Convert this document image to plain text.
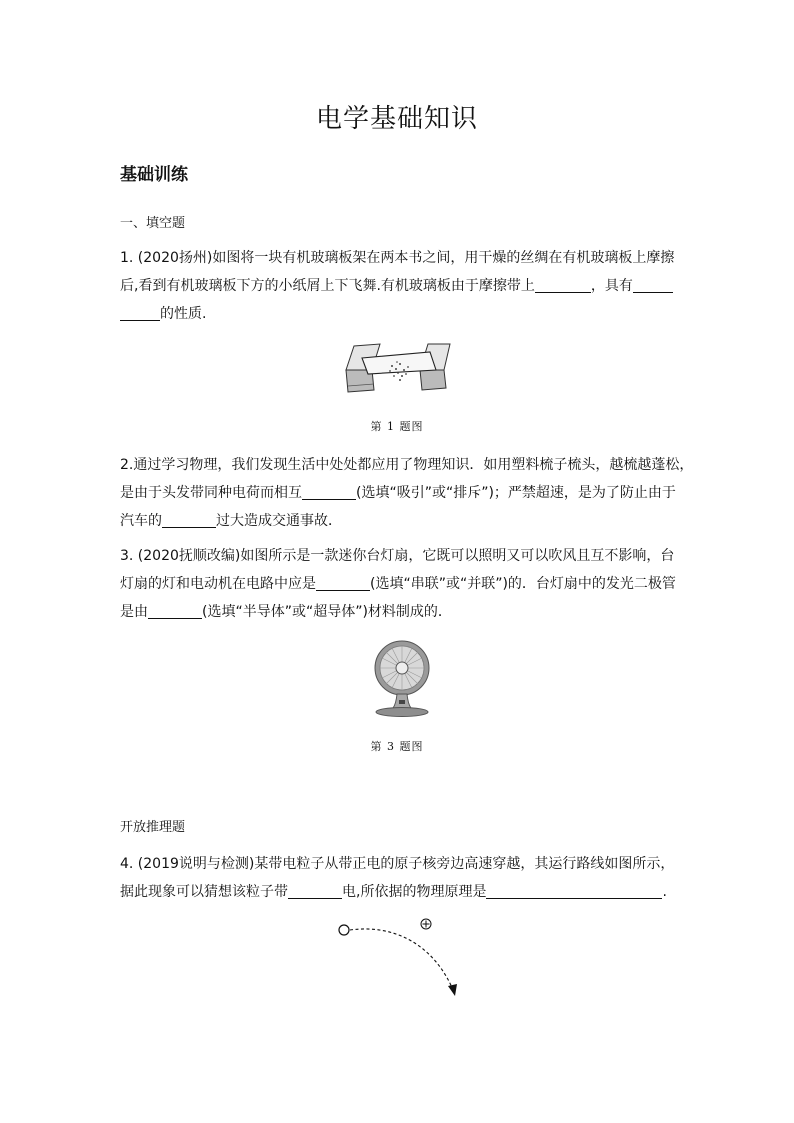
电学基础知识
基础训练
一、填空题

1. (2020扬州)如图将一块有机玻璃板架在两本书之间，用干燥的丝绸在有机玻璃板上摩擦

后,看到有机玻璃板下方的小纸屑上下飞舞.有机玻璃板由于摩擦带上	，具有

的性质.

第 1 题图

2.通过学习物理，我们发现生活中处处都应用了物理知识．如用塑料梳子梳头，越梳越蓬松，

是由于头发带同种电荷而相互	(选填“吸引”或“排斥”)；严禁超速，是为了防止由于

汽车的	过大造成交通事故．

3. (2020抚顺改编)如图所示是一款迷你台灯扇，它既可以照明又可以吹风且互不影响，台

灯扇的灯和电动机在电路中应是	(选填“串联”或“并联”)的．台灯扇中的发光二极管

是由	(选填“半导体”或“超导体”)材料制成的．

第 3 题图
开放推理题

4. (2019说明与检测)某带电粒子从带正电的原子核旁边高速穿越，其运行路线如图所示，

据此现象可以猜想该粒子带	电,所依据的物理原理是	.
